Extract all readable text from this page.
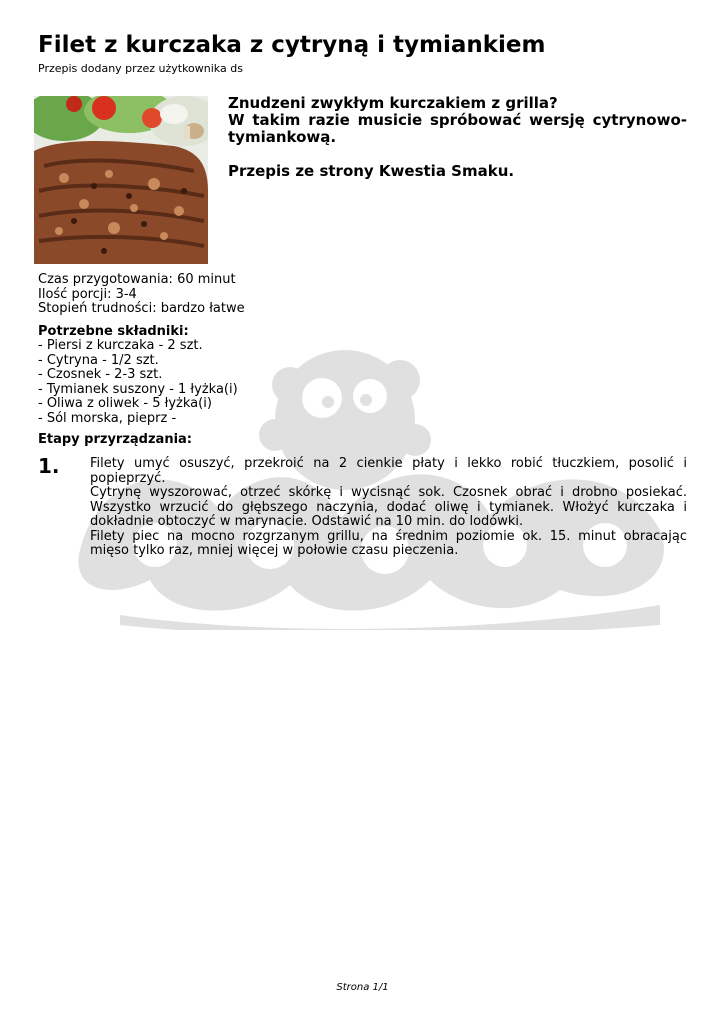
Filet z kurczaka z cytryną i tymiankiem
Przepis dodany przez użytkownika ds

Znudzeni zwykłym kurczakiem z grilla?

W takim razie musicie spróbować wersję cytrynowo-tymiankową.

Przepis ze strony Kwestia Smaku.

Czas przygotowania: 60 minut
Ilość porcji: 3-4
Stopień trudności: bardzo łatwe
Potrzebne składniki:
- Piersi z kurczaka - 2 szt.
- Cytryna - 1/2 szt.
- Czosnek - 2-3 szt.
- Tymianek suszony - 1 łyżka(i)
- Oliwa z oliwek - 5 łyżka(i)
- Sól morska, pieprz -
Etapy przyrządzania:
1. Filety umyć osuszyć, przekroić na 2 cienkie płaty i lekko robić tłuczkiem, posolić i popieprzyć.

Cytrynę wyszorować, otrzeć skórkę i wycisnąć sok. Czosnek obrać i drobno posiekać. Wszystko wrzucić do głębszego naczynia, dodać oliwę i tymianek. Włożyć kurczaka i dokładnie obtoczyć w marynacie. Odstawić na 10 min. do lodówki.

Filety piec na mocno rozgrzanym grillu, na średnim poziomie ok. 15. minut obracając mięso tylko raz, mniej więcej w połowie czasu pieczenia.

Strona 1/1
